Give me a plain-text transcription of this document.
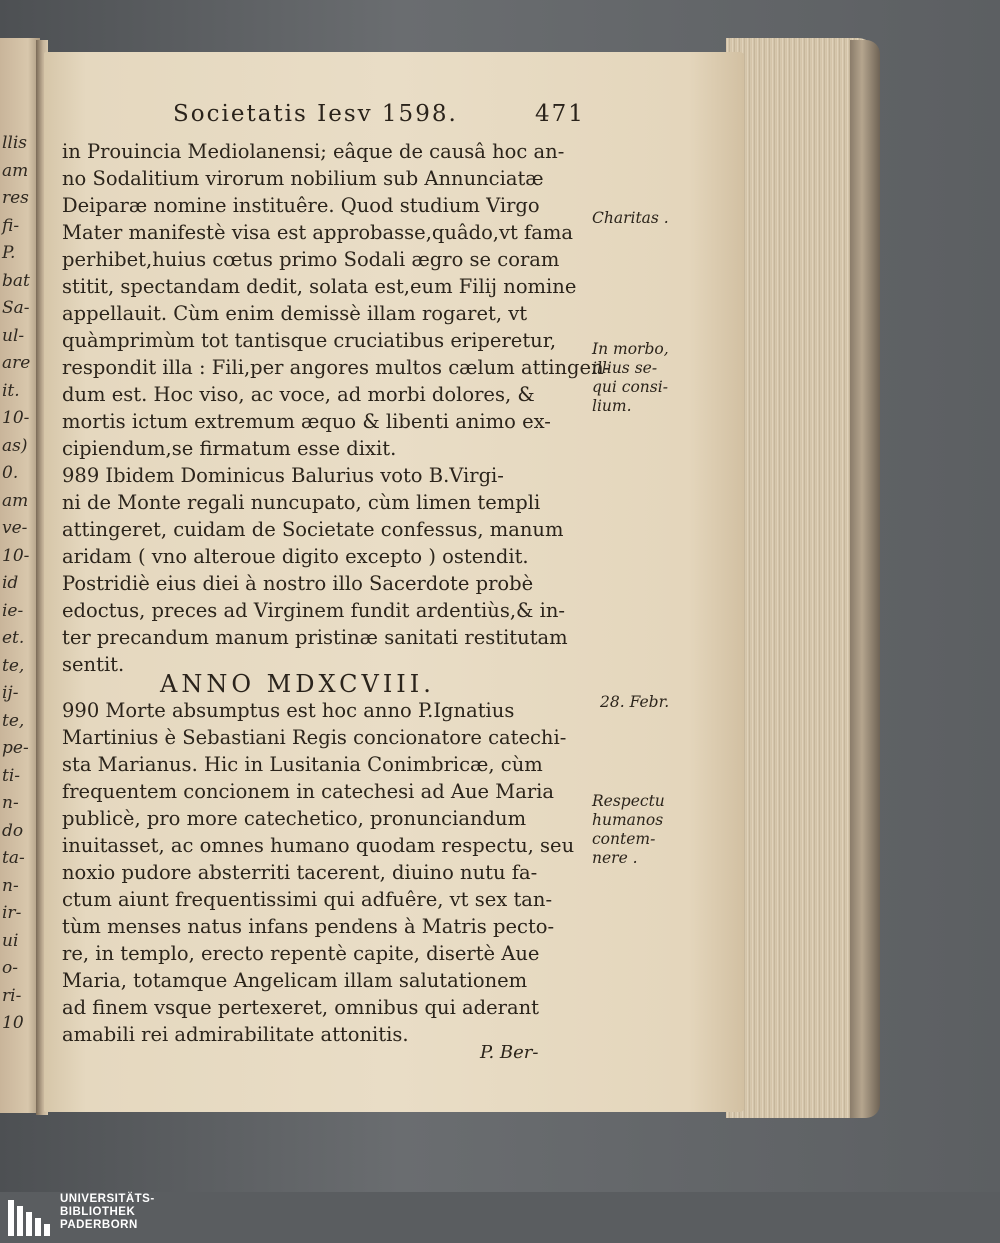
llis
am
res
fi-
P.
bat
Sa-
ul-
are
it.
10-
as)
0.
am
ve-
10-
id
ie-
et.
te,
ij-
te,
pe-
ti-
n-
do
ta-
n-
ir-
ui
o-
ri-
10
Societatis Iesv 1598.	471
in Prouincia Mediolanensi; eâque de causâ hoc an-
no Sodalitium virorum nobilium sub Annunciatæ
Deiparæ nomine instituêre. Quod studium Virgo
Mater manifestè visa est approbasse,quâdo,vt fama
perhibet,huius cœtus primo Sodali ægro se coram
stitit, spectandam dedit, solata est,eum Filij nomine
appellauit. Cùm enim demissè illam rogaret, vt
quàmprimùm tot tantisque cruciatibus eriperetur,
respondit illa : Fili,per angores multos cælum attingen-
dum est. Hoc viso, ac voce, ad morbi dolores, &
mortis ictum extremum æquo & libenti animo ex-
cipiendum,se firmatum esse dixit.
989 Ibidem Dominicus Balurius voto B.Virgi-
ni de Monte regali nuncupato, cùm limen templi
attingeret, cuidam de Societate confessus, manum
aridam ( vno alteroue digito excepto ) ostendit.
Postridiè eius diei à nostro illo Sacerdote probè
edoctus, preces ad Virginem fundit ardentiùs,& in-
ter precandum manum pristinæ sanitati restitutam
sentit.
ANNO MDXCVIII.
990 Morte absumptus est hoc anno P.Ignatius
Martinius è Sebastiani Regis concionatore catechi-
sta Marianus. Hic in Lusitania Conimbricæ, cùm
frequentem concionem in catechesi ad Aue Maria
publicè, pro more catechetico, pronunciandum
inuitasset, ac omnes humano quodam respectu, seu
noxio pudore absterriti tacerent, diuino nutu fa-
ctum aiunt frequentissimi qui adfuêre, vt sex tan-
tùm menses natus infans pendens à Matris pecto-
re, in templo, erecto repentè capite, disertè Aue
Maria, totamque Angelicam illam salutationem
ad finem vsque pertexeret, omnibus qui aderant
amabili rei admirabilitate attonitis.
Charitas .
In morbo,
illius se-
qui consi-
lium.
28. Febr.
Respectu
humanos
contem-
nere .
P. Ber-
UNIVERSITÄTS-
BIBLIOTHEK
PADERBORN
